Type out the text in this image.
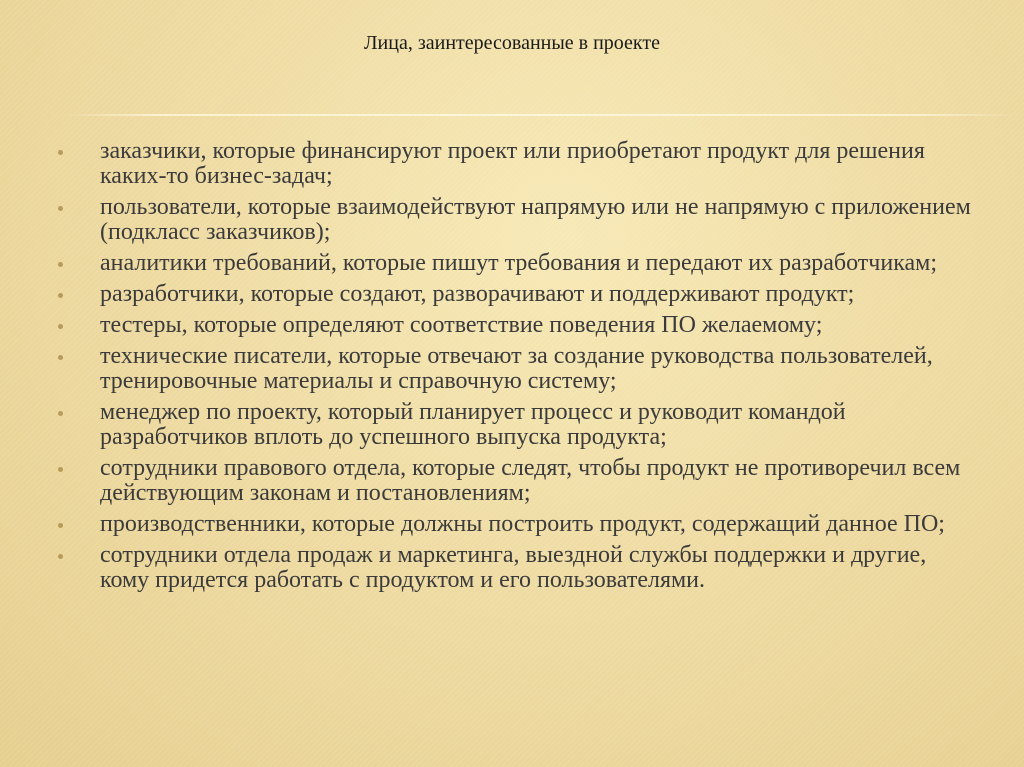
Лица, заинтересованные в проекте
заказчики, которые финансируют проект или приобретают продукт для решения каких-то бизнес-задач;
пользователи, которые взаимодействуют напрямую или не напрямую с приложением (подкласс заказчиков);
аналитики требований, которые пишут требования и передают их разработчикам;
разработчики, которые создают, разворачивают и поддерживают продукт;
тестеры, которые определяют соответствие поведения ПО желаемому;
технические писатели, которые отвечают за создание руководства пользователей, тренировочные материалы и справочную систему;
менеджер по проекту, который планирует процесс и руководит командой разработчиков вплоть до успешного выпуска продукта;
сотрудники правового отдела, которые следят, чтобы продукт не противоречил всем действующим законам и постановлениям;
производственники, которые должны построить продукт, содержащий данное ПО;
сотрудники отдела продаж и маркетинга, выездной службы поддержки и другие, кому придется работать с продуктом и его пользователями.
